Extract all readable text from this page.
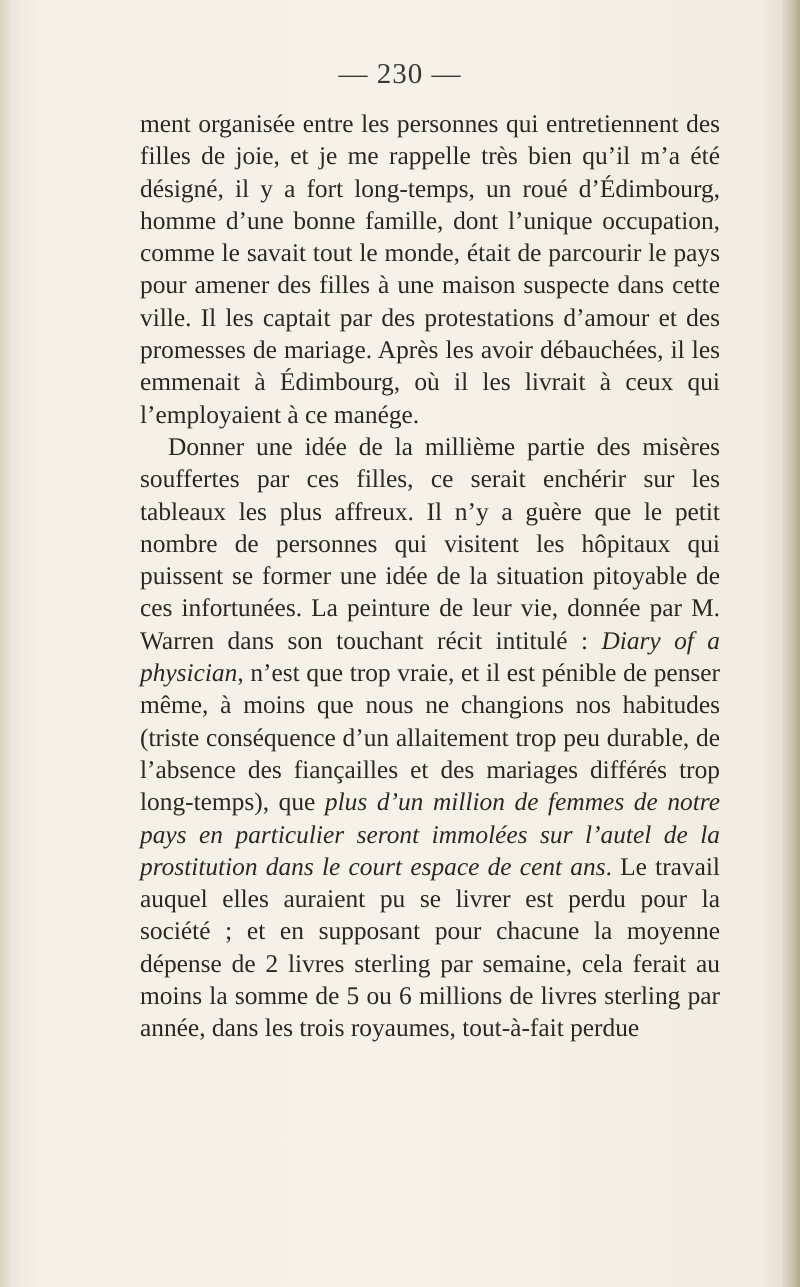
— 230 —

ment organisée entre les personnes qui entretiennent des filles de joie, et je me rappelle très bien qu’il m’a été désigné, il y a fort long-temps, un roué d’Édimbourg, homme d’une bonne famille, dont l’unique occupation, comme le savait tout le monde, était de parcourir le pays pour amener des filles à une maison suspecte dans cette ville. Il les captait par des protestations d’amour et des promesses de mariage. Après les avoir débauchées, il les emmenait à Édimbourg, où il les livrait à ceux qui l’employaient à ce manége.

Donner une idée de la millième partie des misères souffertes par ces filles, ce serait enchérir sur les tableaux les plus affreux. Il n’y a guère que le petit nombre de personnes qui visitent les hôpitaux qui puissent se former une idée de la situation pitoyable de ces infortunées. La peinture de leur vie, donnée par M. Warren dans son touchant récit intitulé : Diary of a physician, n’est que trop vraie, et il est pénible de penser même, à moins que nous ne changions nos habitudes (triste conséquence d’un allaitement trop peu durable, de l’absence des fiançailles et des mariages différés trop long-temps), que plus d’un million de femmes de notre pays en particulier seront immolées sur l’autel de la prostitution dans le court espace de cent ans. Le travail auquel elles auraient pu se livrer est perdu pour la société ; et en supposant pour chacune la moyenne dépense de 2 livres sterling par semaine, cela ferait au moins la somme de 5 ou 6 millions de livres sterling par année, dans les trois royaumes, tout-à-fait perdue
